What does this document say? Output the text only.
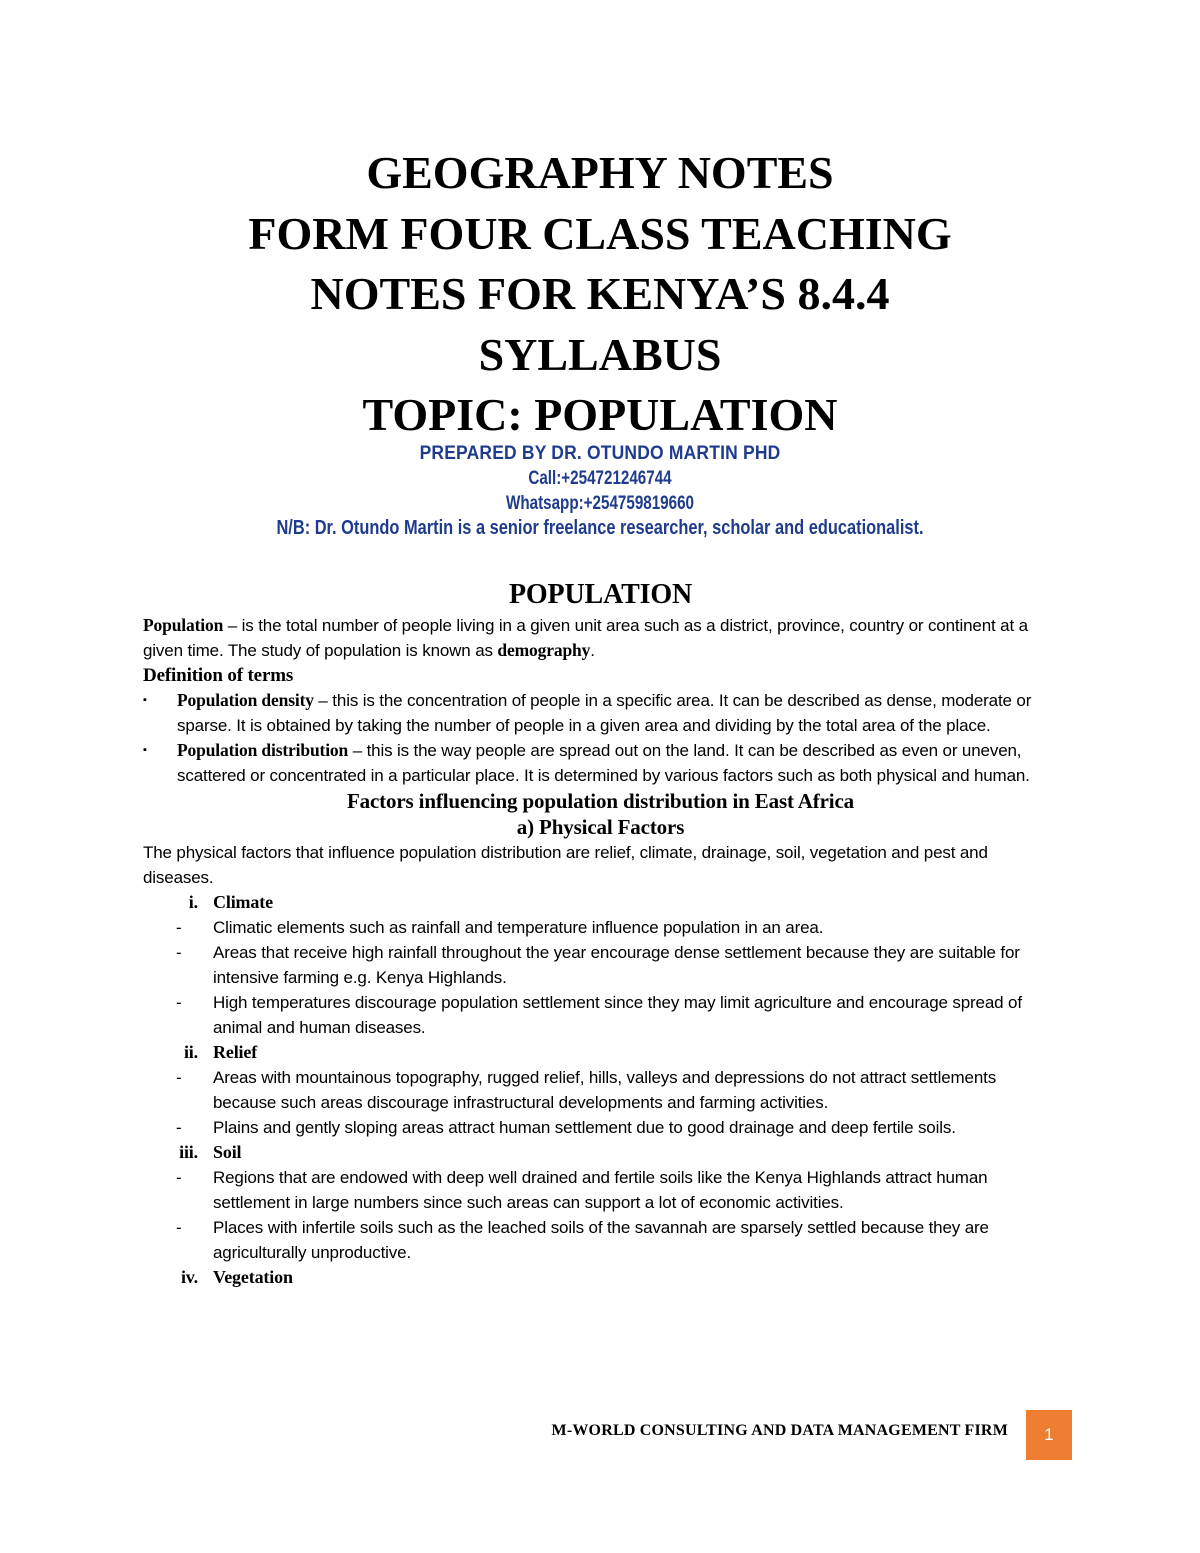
GEOGRAPHY NOTES
FORM FOUR CLASS TEACHING
NOTES FOR KENYA’S 8.4.4
SYLLABUS
TOPIC: POPULATION
PREPARED BY DR. OTUNDO MARTIN PHD
Call:+254721246744
Whatsapp:+254759819660
N/B: Dr. Otundo Martin is a senior freelance researcher, scholar and educationalist.
POPULATION

Population – is the total number of people living in a given unit area such as a district, province, country or continent at a given time. The study of population is known as demography.

Definition of terms
▪ Population density – this is the concentration of people in a specific area. It can be described as dense, moderate or sparse. It is obtained by taking the number of people in a given area and dividing by the total area of the place.
▪ Population distribution – this is the way people are spread out on the land. It can be described as even or uneven, scattered or concentrated in a particular place. It is determined by various factors such as both physical and human.
Factors influencing population distribution in East Africa
a) Physical Factors

The physical factors that influence population distribution are relief, climate, drainage, soil, vegetation and pest and diseases.

i. Climate
- Climatic elements such as rainfall and temperature influence population in an area.
- Areas that receive high rainfall throughout the year encourage dense settlement because they are suitable for intensive farming e.g. Kenya Highlands.
- High temperatures discourage population settlement since they may limit agriculture and encourage spread of animal and human diseases.
ii. Relief
- Areas with mountainous topography, rugged relief, hills, valleys and depressions do not attract settlements because such areas discourage infrastructural developments and farming activities.
- Plains and gently sloping areas attract human settlement due to good drainage and deep fertile soils.
iii. Soil
- Regions that are endowed with deep well drained and fertile soils like the Kenya Highlands attract human settlement in large numbers since such areas can support a lot of economic activities.
- Places with infertile soils such as the leached soils of the savannah are sparsely settled because they are agriculturally unproductive.
iv. Vegetation
M-WORLD CONSULTING AND DATA MANAGEMENT FIRM	1
